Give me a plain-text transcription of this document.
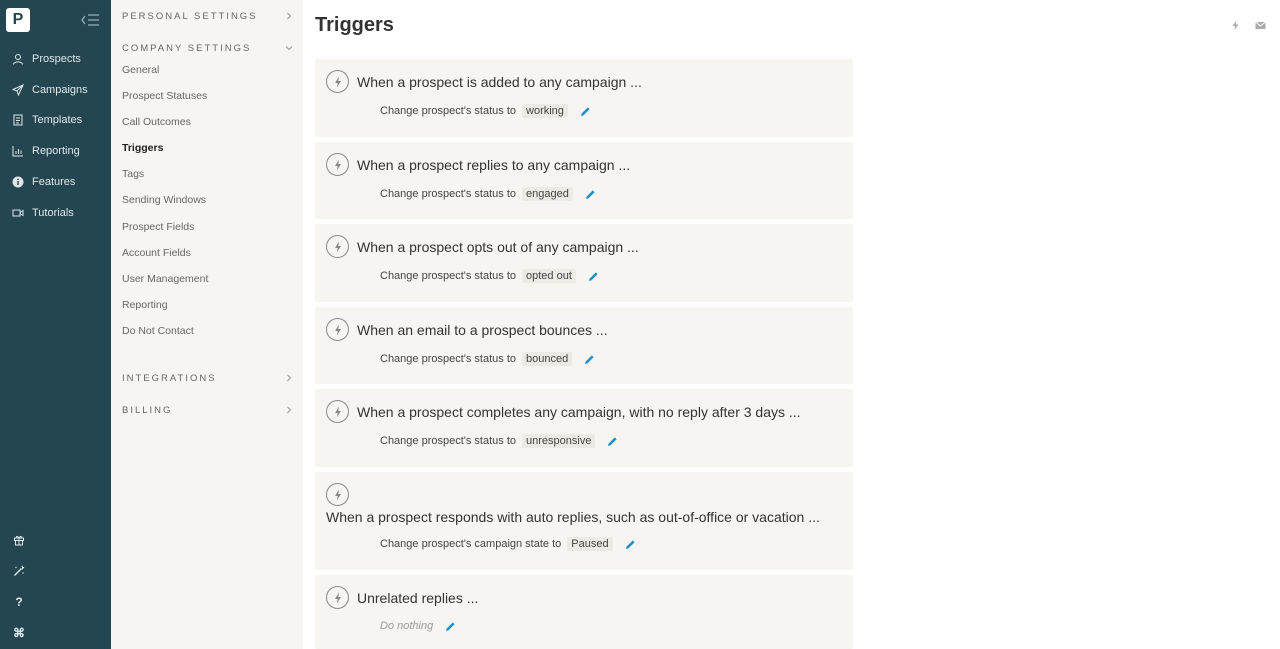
P
Prospects
Campaigns
Templates
Reporting
Features
Tutorials
?
⌘
PERSONAL SETTINGS
COMPANY SETTINGS
General
Prospect Statuses
Call Outcomes
Triggers
Tags
Sending Windows
Prospect Fields
Account Fields
User Management
Reporting
Do Not Contact
INTEGRATIONS
BILLING
Triggers
When a prospect is added to any campaign ...
Change prospect's status to working
When a prospect replies to any campaign ...
Change prospect's status to engaged
When a prospect opts out of any campaign ...
Change prospect's status to opted out
When an email to a prospect bounces ...
Change prospect's status to bounced
When a prospect completes any campaign, with no reply after 3 days ...
Change prospect's status to unresponsive
When a prospect responds with auto replies, such as out-of-office or vacation ...
Change prospect's campaign state to Paused
Unrelated replies ...
Do nothing
